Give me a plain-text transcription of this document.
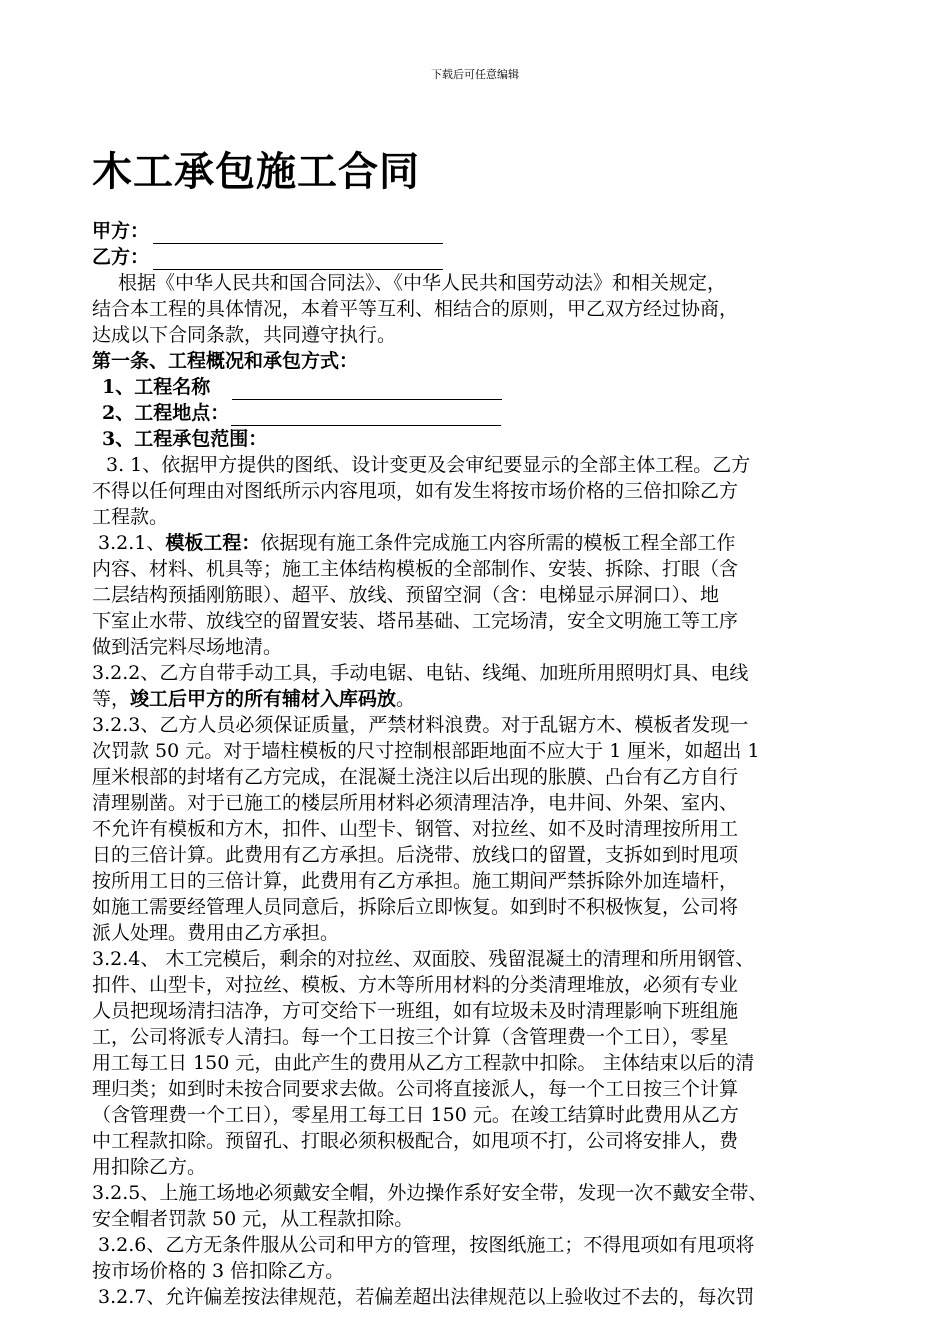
下载后可任意编辑
木工承包施工合同
甲方：
乙方：
根据《中华人民共和国合同法》、《中华人民共和国劳动法》和相关规定，
结合本工程的具体情况，本着平等互利、相结合的原则，甲乙双方经过协商，
达成以下合同条款，共同遵守执行。
第一条、工程概况和承包方式：
1、工程名称
2、工程地点：
3、工程承包范围：
3. 1、依据甲方提供的图纸、设计变更及会审纪要显示的全部主体工程。乙方
不得以任何理由对图纸所示内容甩项，如有发生将按市场价格的三倍扣除乙方
工程款。
3.2.1、模板工程：依据现有施工条件完成施工内容所需的模板工程全部工作
内容、材料、机具等；施工主体结构模板的全部制作、安装、拆除、打眼（含
二层结构预插刚筋眼）、超平、放线、预留空洞（含：电梯显示屏洞口）、地
下室止水带、放线空的留置安装、塔吊基础、工完场清，安全文明施工等工序
做到活完料尽场地清。
3.2.2、乙方自带手动工具，手动电锯、电钻、线绳、加班所用照明灯具、电线
等，竣工后甲方的所有辅材入库码放。
3.2.3、乙方人员必须保证质量，严禁材料浪费。对于乱锯方木、模板者发现一
次罚款 50 元。对于墙柱模板的尺寸控制根部距地面不应大于 1 厘米，如超出 1
厘米根部的封堵有乙方完成，在混凝土浇注以后出现的胀膜、凸台有乙方自行
清理剔凿。对于已施工的楼层所用材料必须清理洁净，电井间、外架、室内、
不允许有模板和方木，扣件、山型卡、钢管、对拉丝、如不及时清理按所用工
日的三倍计算。此费用有乙方承担。后浇带、放线口的留置，支拆如到时甩项
按所用工日的三倍计算，此费用有乙方承担。施工期间严禁拆除外加连墙杆，
如施工需要经管理人员同意后，拆除后立即恢复。如到时不积极恢复，公司将
派人处理。费用由乙方承担。
3.2.4、 木工完模后，剩余的对拉丝、双面胶、残留混凝土的清理和所用钢管、
扣件、山型卡，对拉丝、模板、方木等所用材料的分类清理堆放，必须有专业
人员把现场清扫洁净，方可交给下一班组，如有垃圾未及时清理影响下班组施
工，公司将派专人清扫。每一个工日按三个计算（含管理费一个工日），零星
用工每工日 150 元，由此产生的费用从乙方工程款中扣除。 主体结束以后的清
理归类；如到时未按合同要求去做。公司将直接派人，每一个工日按三个计算
（含管理费一个工日），零星用工每工日 150 元。在竣工结算时此费用从乙方
中工程款扣除。预留孔、打眼必须积极配合，如甩项不打，公司将安排人，费
用扣除乙方。
3.2.5、上施工场地必须戴安全帽，外边操作系好安全带，发现一次不戴安全带、
安全帽者罚款 50 元，从工程款扣除。
3.2.6、乙方无条件服从公司和甲方的管理，按图纸施工；不得甩项如有甩项将
按市场价格的 3 倍扣除乙方。
3.2.7、允许偏差按法律规范，若偏差超出法律规范以上验收过不去的，每次罚
